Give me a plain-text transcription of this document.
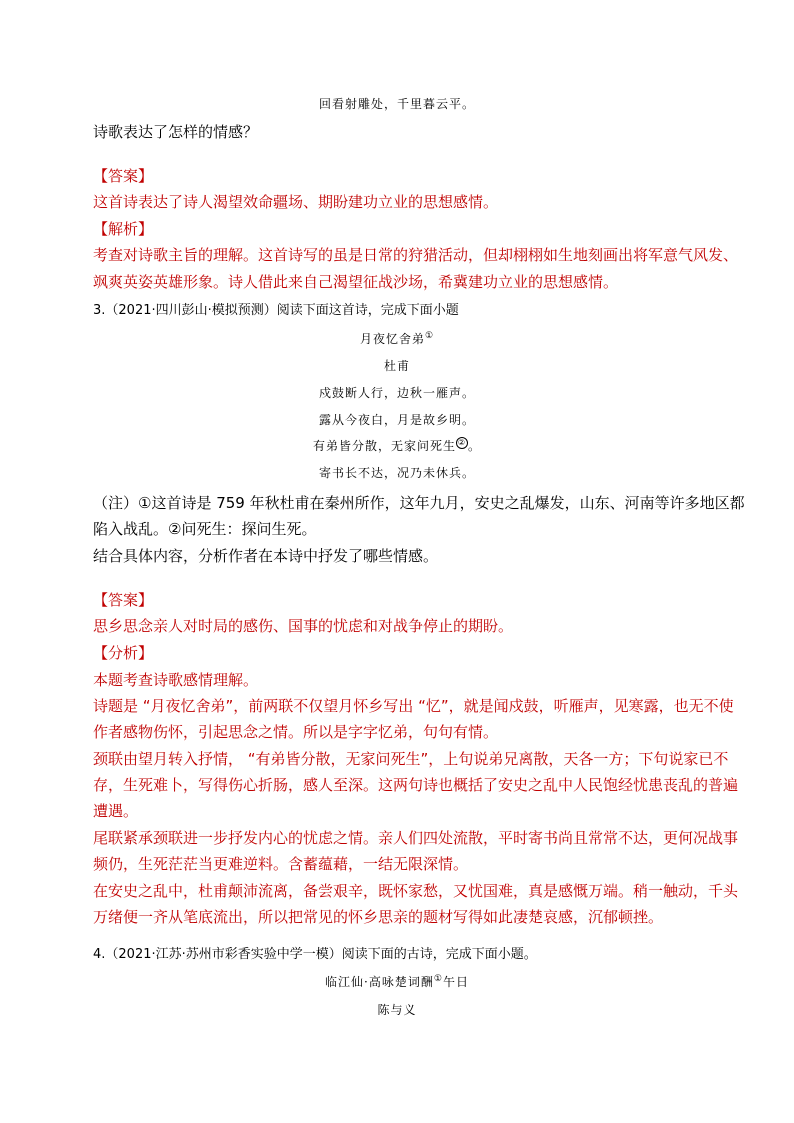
回看射雕处，千里暮云平。
诗歌表达了怎样的情感？
【答案】
这首诗表达了诗人渴望效命疆场、期盼建功立业的思想感情。
【解析】
考查对诗歌主旨的理解。这首诗写的虽是日常的狩猎活动，但却栩栩如生地刻画出将军意气风发、
飒爽英姿英雄形象。诗人借此来自己渴望征战沙场，希冀建功立业的思想感情。
3.（2021·四川彭山·模拟预测）阅读下面这首诗，完成下面小题
月夜忆舍弟①
杜甫
戍鼓断人行，边秋一雁声。
露从今夜白，月是故乡明。
有弟皆分散，无家问死生 ② 。
寄书长不达，况乃未休兵。
（注）①这首诗是 759 年秋杜甫在秦州所作，这年九月，安史之乱爆发，山东、河南等许多地区都
陷入战乱。②问死生：探问生死。
结合具体内容，分析作者在本诗中抒发了哪些情感。
【答案】
思乡思念亲人对时局的感伤、国事的忧虑和对战争停止的期盼。
【分析】
本题考查诗歌感情理解。
诗题是 “月夜忆舍弟”，前两联不仅望月怀乡写出 “忆”，就是闻戍鼓，听雁声，见寒露，也无不使
作者感物伤怀，引起思念之情。所以是字字忆弟，句句有情。
颈联由望月转入抒情， “有弟皆分散，无家问死生”，上句说弟兄离散，天各一方；下句说家已不
存，生死难卜，写得伤心折肠，感人至深。这两句诗也概括了安史之乱中人民饱经忧患丧乱的普遍
遭遇。
尾联紧承颈联进一步抒发内心的忧虑之情。亲人们四处流散，平时寄书尚且常常不达，更何况战事
频仍，生死茫茫当更难逆料。含蓄蕴藉，一结无限深情。
在安史之乱中，杜甫颠沛流离，备尝艰辛，既怀家愁，又忧国难，真是感慨万端。稍一触动，千头
万绪便一齐从笔底流出，所以把常见的怀乡思亲的题材写得如此凄楚哀感，沉郁顿挫。
4.（2021·江苏·苏州市彩香实验中学一模）阅读下面的古诗，完成下面小题。
临江仙·高咏楚词酬①午日
陈与义
